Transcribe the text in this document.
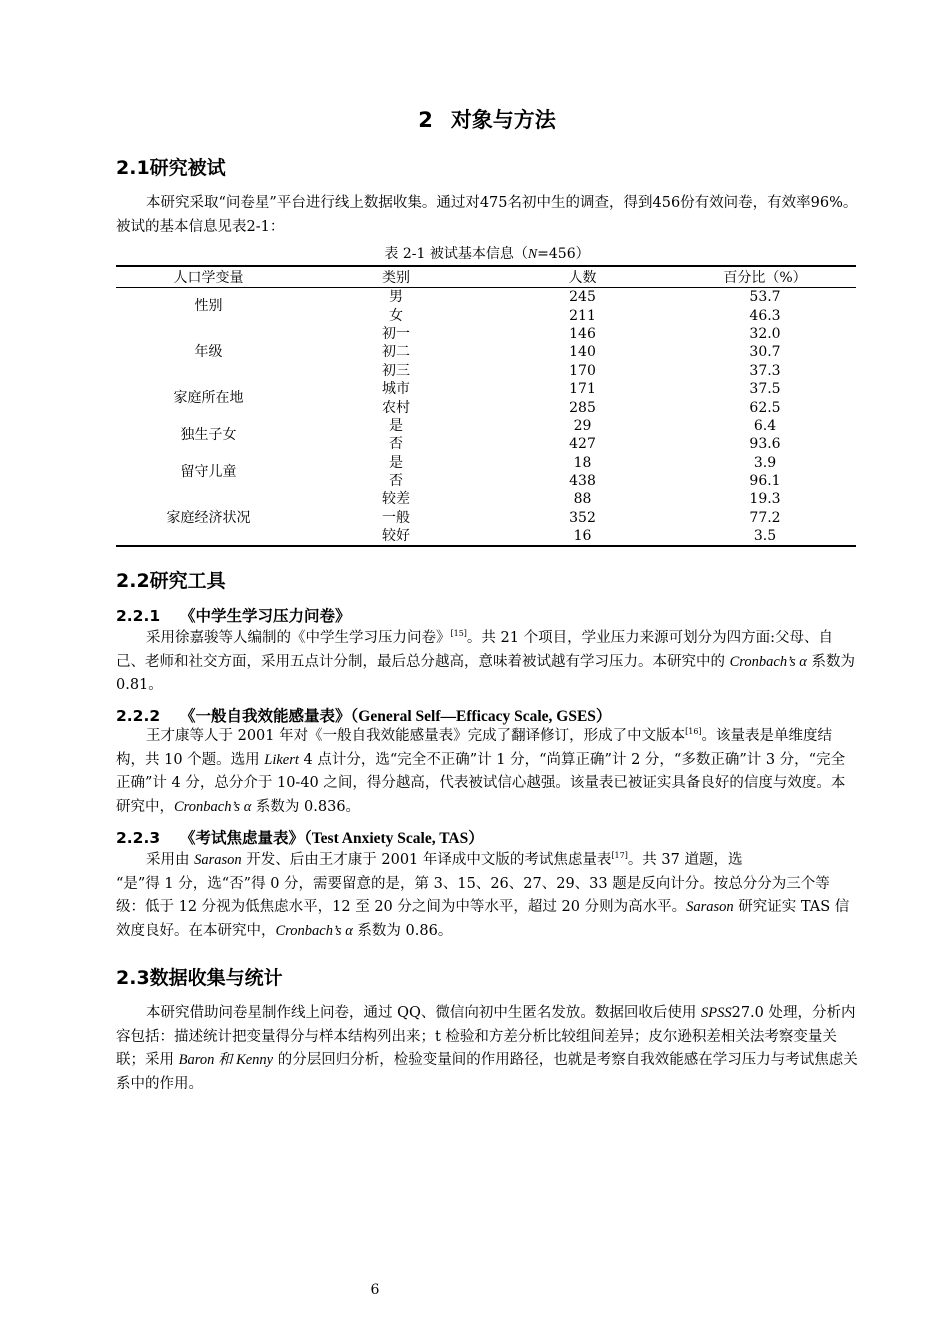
2 对象与方法
2.1研究被试

本研究采取“问卷星”平台进行线上数据收集。通过对475名初中生的调查，得到456份有效问卷，有效率96%。被试的基本信息见表2-1：

表 2-1 被试基本信息（N=456）
人口学变量	类别	人数	百分比（%）
性别	男	245	53.7
	女	211	46.3
年级	初一	146	32.0
	初二	140	30.7
	初三	170	37.3
家庭所在地	城市	171	37.5
	农村	285	62.5
独生子女	是	29	6.4
	否	427	93.6
留守儿童	是	18	3.9
	否	438	96.1
家庭经济状况	较差	88	19.3
	一般	352	77.2
	较好	16	3.5
2.2研究工具
2.2.1 《中学生学习压力问卷》

采用徐嘉骏等人编制的《中学生学习压力问卷》[15]。共 21 个项目，学业压力来源可划分为四方面:父母、自己、老师和社交方面，采用五点计分制，最后总分越高，意味着被试越有学习压力。本研究中的 Cronbach’s α 系数为 0.81。

2.2.2 《一般自我效能感量表》（General Self—Efficacy Scale, GSES）

王才康等人于 2001 年对《一般自我效能感量表》完成了翻译修订，形成了中文版本[16]。该量表是单维度结构，共 10 个题。选用 Likert 4 点计分，选“完全不正确”计 1 分，“尚算正确”计 2 分，“多数正确”计 3 分，“完全正确”计 4 分，总分介于 10-40 之间，得分越高，代表被试信心越强。该量表已被证实具备良好的信度与效度。本研究中，Cronbach’s α 系数为 0.836。

2.2.3 《考试焦虑量表》（Test Anxiety Scale, TAS）

采用由 Sarason 开发、后由王才康于 2001 年译成中文版的考试焦虑量表[17]。共 37 道题，选

“是”得 1 分，选“否”得 0 分，需要留意的是，第 3、15、26、27、29、33 题是反向计分。按总分分为三个等级：低于 12 分视为低焦虑水平，12 至 20 分之间为中等水平，超过 20 分则为高水平。Sarason 研究证实 TAS 信效度良好。在本研究中，Cronbach’s α 系数为 0.86。

2.3数据收集与统计

本研究借助问卷星制作线上问卷，通过 QQ、微信向初中生匿名发放。数据回收后使用 SPSS27.0 处理，分析内容包括：描述统计把变量得分与样本结构列出来；t 检验和方差分析比较组间差异；皮尔逊积差相关法考察变量关联；采用 Baron 和 Kenny 的分层回归分析，检验变量间的作用路径，也就是考察自我效能感在学习压力与考试焦虑关系中的作用。

6
